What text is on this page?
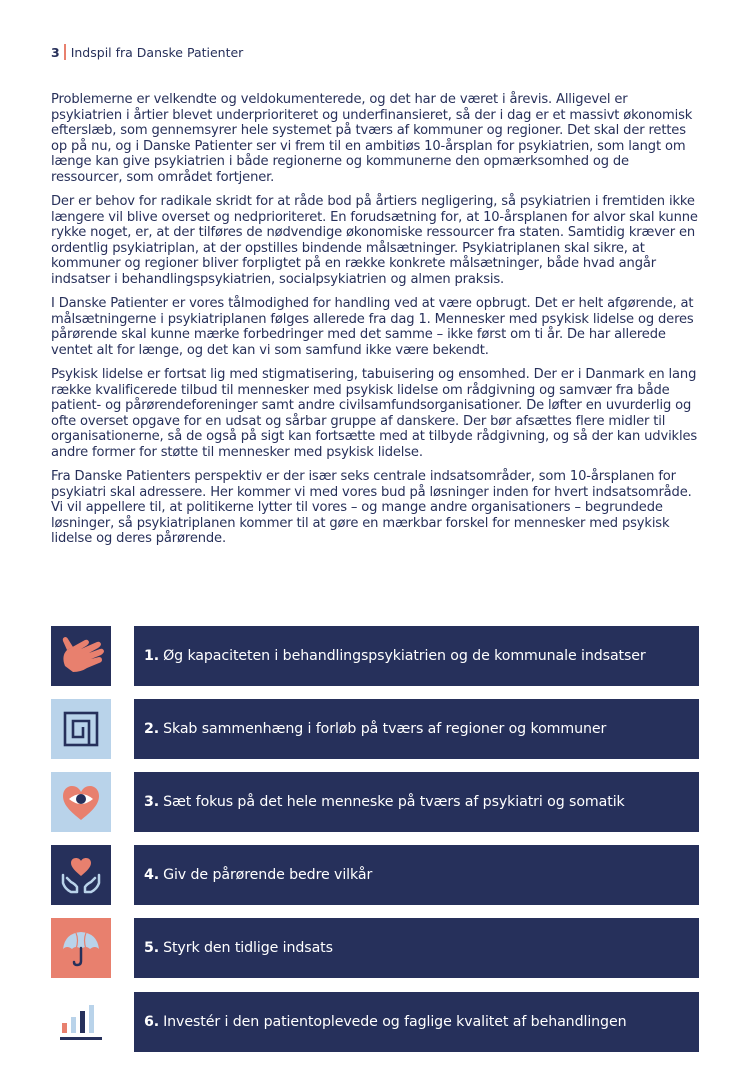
3 Indspil fra Danske Patienter

Problemerne er velkendte og veldokumenterede, og det har de været i årevis. Alligevel er psykiatrien i årtier blevet underprioriteret og underfinansieret, så der i dag er et massivt økonomisk efterslæb, som gennemsyrer hele systemet på tværs af kommuner og regioner. Det skal der rettes op på nu, og i Danske Patienter ser vi frem til en ambitiøs 10-årsplan for psykiatrien, som langt om længe kan give psykiatrien i både regionerne og kommunerne den opmærksomhed og de ressourcer, som området fortjener.

Der er behov for radikale skridt for at råde bod på årtiers negligering, så psykiatrien i fremtiden ikke længere vil blive overset og nedprioriteret. En forudsætning for, at 10-årsplanen for alvor skal kunne rykke noget, er, at der tilføres de nødvendige økonomiske ressourcer fra staten. Samtidig kræver en ordentlig psykiatriplan, at der opstilles bindende målsætninger. Psykiatriplanen skal sikre, at kommuner og regioner bliver forpligtet på en række konkrete målsætninger, både hvad angår indsatser i behandlingspsykiatrien, socialpsykiatrien og almen praksis.

I Danske Patienter er vores tålmodighed for handling ved at være opbrugt. Det er helt afgørende, at målsætningerne i psykiatriplanen følges allerede fra dag 1. Mennesker med psykisk lidelse og deres pårørende skal kunne mærke forbedringer med det samme – ikke først om ti år. De har allerede ventet alt for længe, og det kan vi som samfund ikke være bekendt.

Psykisk lidelse er fortsat lig med stigmatisering, tabuisering og ensomhed. Der er i Danmark en lang række kvalificerede tilbud til mennesker med psykisk lidelse om rådgivning og samvær fra både patient- og pårørendeforeninger samt andre civilsamfundsorganisationer. De løfter en uvurderlig og ofte overset opgave for en udsat og sårbar gruppe af danskere. Der bør afsættes flere midler til organisationerne, så de også på sigt kan fortsætte med at tilbyde rådgivning, og så der kan udvikles andre former for støtte til mennesker med psykisk lidelse.

Fra Danske Patienters perspektiv er der især seks centrale indsatsområder, som 10-årsplanen for psykiatri skal adressere. Her kommer vi med vores bud på løsninger inden for hvert indsatsområde. Vi vil appellere til, at politikerne lytter til vores – og mange andre organisationers – begrundede løsninger, så psykiatriplanen kommer til at gøre en mærkbar forskel for mennesker med psykisk lidelse og deres pårørende.

1. Øg kapaciteten i behandlingspsykiatrien og de kommunale indsatser
2. Skab sammenhæng i forløb på tværs af regioner og kommuner
3. Sæt fokus på det hele menneske på tværs af psykiatri og somatik
4. Giv de pårørende bedre vilkår
5. Styrk den tidlige indsats
6. Investér i den patientoplevede og faglige kvalitet af behandlingen
